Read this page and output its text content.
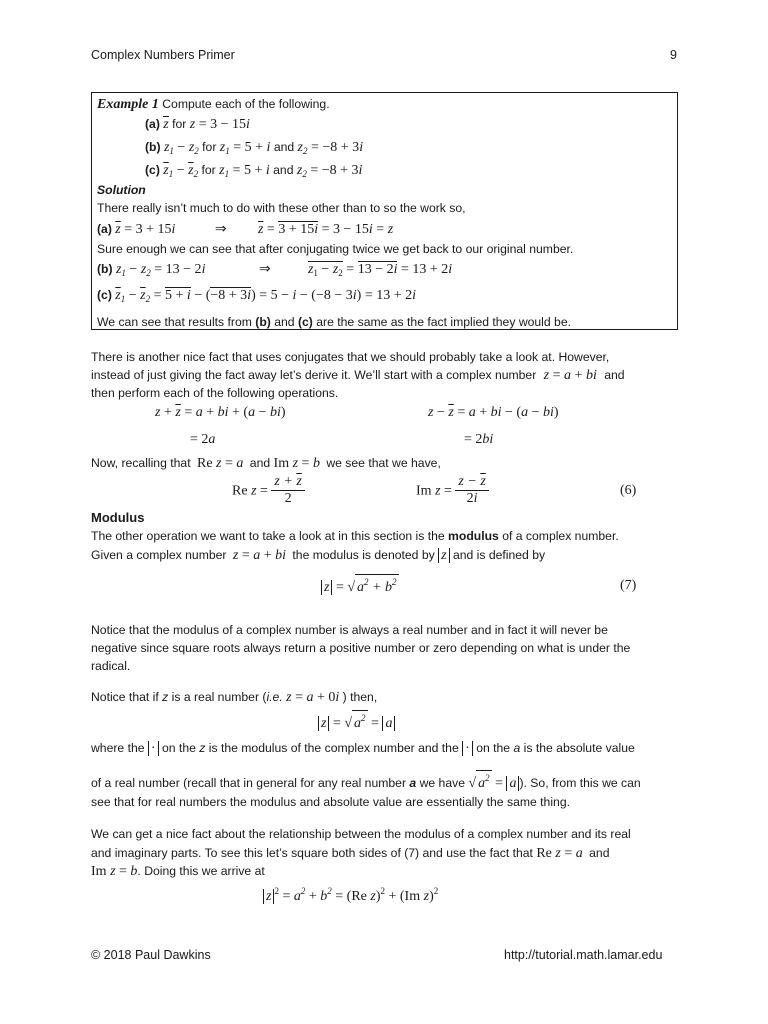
Complex Numbers Primer	9
Example 1 Compute each of the following.
(a) $\overline{z}$ for z = 3 − 15i
(b) $z_1 - z_2$ for $z_1 = 5 + i$ and $z_2 = -8 + 3i$
(c) $\overline{z}_1 - \overline{z}_2$ for $z_1 = 5 + i$ and $z_2 = -8 + 3i$
Solution
There really isn’t much to do with these other than to so the work so,
(a) $\overline{z} = 3 + 15i$	⇒ $\overline{z} = 3 + 15i = 3 - 15i = z$
Sure enough we can see that after conjugating twice we get back to our original number.
(b) $z_1 - z_2 = 13 - 2i$	⇒	$z_1 - z_2 = 13 - 2i = 13 + 2i$
(c) $\overline{z}_1 - \overline{z}_2 = 5 + i - (-8 + 3i) = 5 - i - (-8 - 3i) = 13 + 2i$
We can see that results from (b) and (c) are the same as the fact implied they would be.
There is another nice fact that uses conjugates that we should probably take a look at. However,
instead of just giving the fact away let’s derive it. We’ll start with a complex number z = a + bi and
then perform each of the following operations.
$z + \overline{z} = a$ + bi + (a − bi)
= 2a
$z - \overline{z} = a$ + bi − (a − bi)
= 2bi
Now, recalling that Re z = a and Im z = b we see that we have,
Re $z = \frac{z + \overline{z}}{2}$	Im $z = \frac{z - \overline{z}}{2i}$	(6)
Modulus
The other operation we want to take a look at in this section is the modulus of a complex number.
Given a complex number z = a + bi the modulus is denoted by z and is defined by
z = √ $a^2 + b^2$	(7)
Notice that the modulus of a complex number is always a real number and in fact it will never be
negative since square roots always return a positive number or zero depending on what is under the
radical.
Notice that if z is a real number (i.e. z = a + 0i ) then,
z = √ $a^2 = a$
where the · on the z is the modulus of the complex number and the · on the a is the absolute value
of a real number (recall that in general for any real number a we have √ $a^2 = a$ ). So, from this we can
see that for real numbers the modulus and absolute value are essentially the same thing.
We can get a nice fact about the relationship between the modulus of a complex number and its real
and imaginary parts. To see this let’s square both sides of (7) and use the fact that Re z = a and
Im z = b. Doing this we arrive at
z $^2 = a^2 + b^2 = (Re$ z)$^2$ + (Im z)$^2$
© 2018 Paul Dawkins	http://tutorial.math.lamar.edu
